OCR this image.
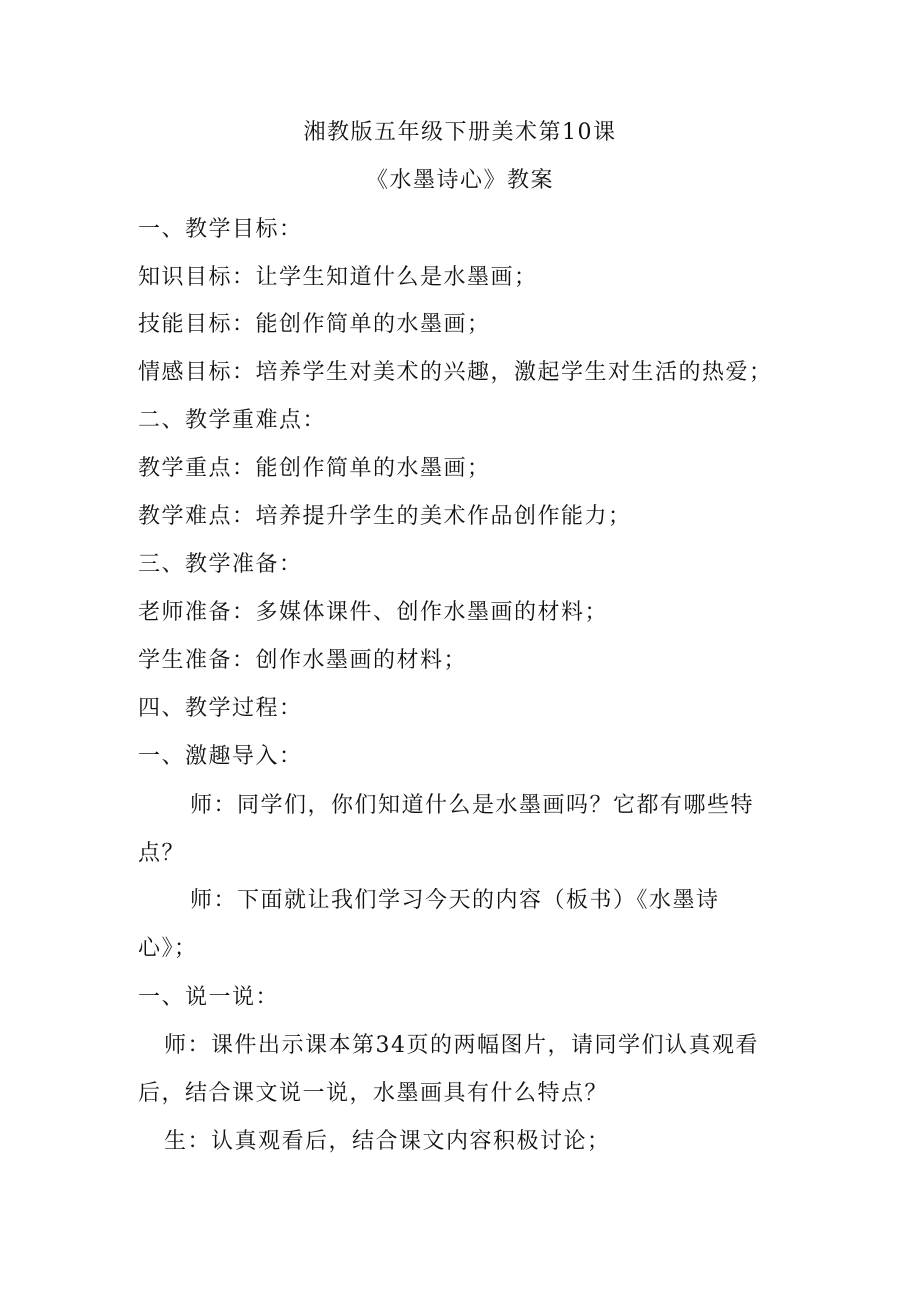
湘教版五年级下册美术第10课
《水墨诗心》教案
一、教学目标：
知识目标：让学生知道什么是水墨画；
技能目标：能创作简单的水墨画；
情感目标：培养学生对美术的兴趣，激起学生对生活的热爱；
二、教学重难点：
教学重点：能创作简单的水墨画；
教学难点：培养提升学生的美术作品创作能力；
三、教学准备：
老师准备：多媒体课件、创作水墨画的材料；
学生准备：创作水墨画的材料；
四、教学过程：
一、激趣导入：
师：同学们，你们知道什么是水墨画吗？它都有哪些特
点？
师：下面就让我们学习今天的内容（板书）《水墨诗
心》；
一、说一说：
师：课件出示课本第34页的两幅图片，请同学们认真观看
后，结合课文说一说，水墨画具有什么特点？
生：认真观看后，结合课文内容积极讨论；
